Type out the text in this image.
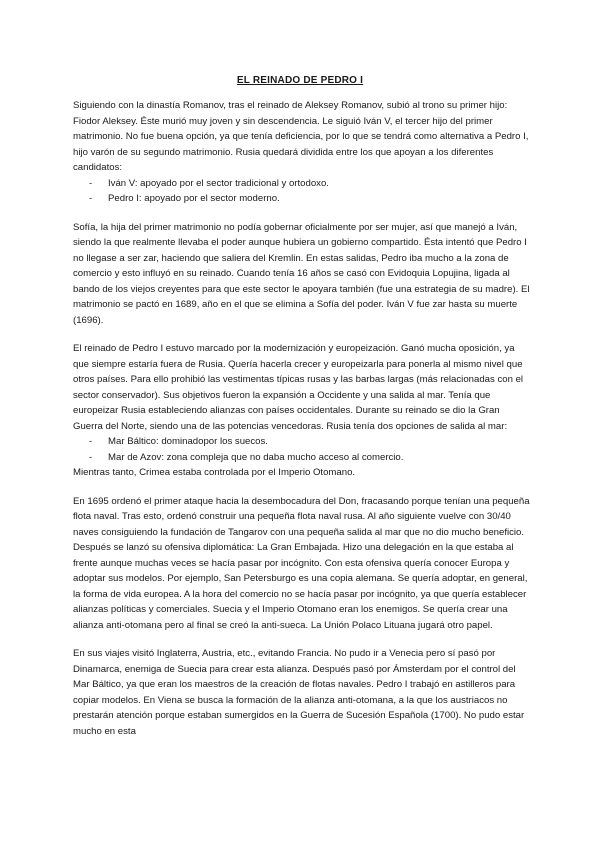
EL REINADO DE PEDRO I

Siguiendo con la dinastía Romanov, tras el reinado de Aleksey Romanov, subió al trono su primer hijo: Fiodor Aleksey. Éste murió muy joven y sin descendencia. Le siguió Iván V, el tercer hijo del primer matrimonio. No fue buena opción, ya que tenía deficiencia, por lo que se tendrá como alternativa a Pedro I, hijo varón de su segundo matrimonio. Rusia quedará dividida entre los que apoyan a los diferentes candidatos:

- Iván V: apoyado por el sector tradicional y ortodoxo.
- Pedro I: apoyado por el sector moderno.

Sofía, la hija del primer matrimonio no podía gobernar oficialmente por ser mujer, así que manejó a Iván, siendo la que realmente llevaba el poder aunque hubiera un gobierno compartido. Ésta intentó que Pedro I no llegase a ser zar, haciendo que saliera del Kremlin. En estas salidas, Pedro iba mucho a la zona de comercio y esto influyó en su reinado. Cuando tenía 16 años se casó con Evidoquia Lopujina, ligada al bando de los viejos creyentes para que este sector le apoyara también (fue una estrategia de su madre). El matrimonio se pactó en 1689, año en el que se elimina a Sofía del poder. Iván V fue zar hasta su muerte (1696).

El reinado de Pedro I estuvo marcado por la modernización y europeización. Ganó mucha oposición, ya que siempre estaría fuera de Rusia. Quería hacerla crecer y europeizarla para ponerla al mismo nivel que otros países. Para ello prohibió las vestimentas típicas rusas y las barbas largas (más relacionadas con el sector conservador). Sus objetivos fueron la expansión a Occidente y una salida al mar. Tenía que europeizar Rusia estableciendo alianzas con países occidentales. Durante su reinado se dio la Gran Guerra del Norte, siendo una de las potencias vencedoras. Rusia tenía dos opciones de salida al mar:

- Mar Báltico: dominadopor los suecos.
- Mar de Azov: zona compleja que no daba mucho acceso al comercio.
Mientras tanto, Crimea estaba controlada por el Imperio Otomano.

En 1695 ordenó el primer ataque hacia la desembocadura del Don, fracasando porque tenían una pequeña flota naval. Tras esto, ordenó construir una pequeña flota naval rusa. Al año siguiente vuelve con 30/40 naves consiguiendo la fundación de Tangarov con una pequeña salida al mar que no dio mucho beneficio. Después se lanzó su ofensiva diplomática: La Gran Embajada. Hizo una delegación en la que estaba al frente aunque muchas veces se hacía pasar por incógnito. Con esta ofensiva quería conocer Europa y adoptar sus modelos. Por ejemplo, San Petersburgo es una copia alemana. Se quería adoptar, en general, la forma de vida europea. A la hora del comercio no se hacía pasar por incógnito, ya que quería establecer alianzas políticas y comerciales. Suecia y el Imperio Otomano eran los enemigos. Se quería crear una alianza anti-otomana pero al final se creó la anti-sueca. La Unión Polaco Lituana jugará otro papel.

En sus viajes visitó Inglaterra, Austria, etc., evitando Francia. No pudo ir a Venecia pero sí pasó por Dinamarca, enemiga de Suecia para crear esta alianza. Después pasó por Ámsterdam por el control del Mar Báltico, ya que eran los maestros de la creación de flotas navales. Pedro I trabajó en astilleros para copiar modelos. En Viena se busca la formación de la alianza anti-otomana, a la que los austriacos no prestarán atención porque estaban sumergidos en la Guerra de Sucesión Española (1700). No pudo estar mucho en esta
